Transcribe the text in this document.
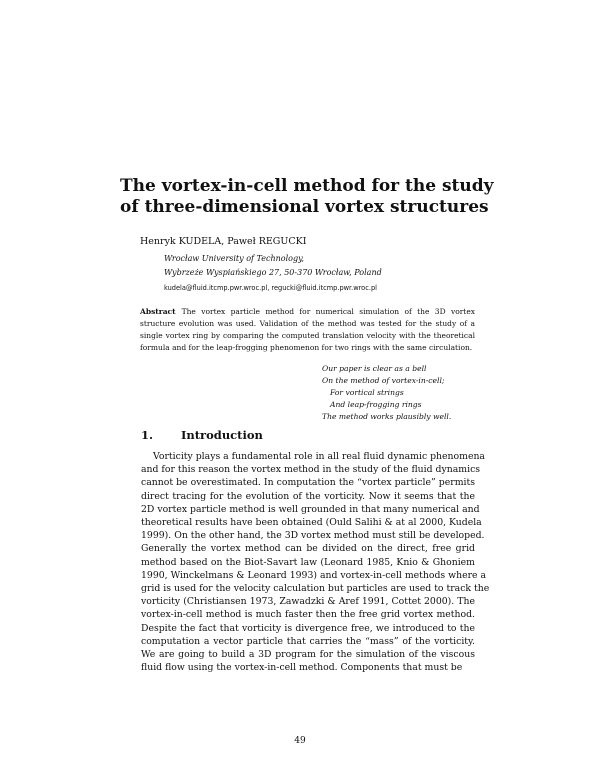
The vortex-in-cell method for the study
of three-dimensional vortex structures
Henryk KUDELA, Paweł REGUCKI
Wrocław University of Technology,
Wybrzeże Wyspiańskiego 27, 50-370 Wrocław, Poland
kudela@fluid.itcmp.pwr.wroc.pl, regucki@fluid.itcmp.pwr.wroc.pl
Abstract The vortex particle method for numerical simulation of the 3D vortex
structure evolution was used. Validation of the method was tested for the study of a
single vortex ring by comparing the computed translation velocity with the theoretical
formula and for the leap-frogging phenomenon for two rings with the same circulation.
Our paper is clear as a bell
On the method of vortex-in-cell;
For vortical strings
And leap-frogging rings
The method works plausibly well.
1. Introduction
Vorticity plays a fundamental role in all real fluid dynamic phenomena
and for this reason the vortex method in the study of the fluid dynamics
cannot be overestimated. In computation the “vortex particle” permits
direct tracing for the evolution of the vorticity. Now it seems that the
2D vortex particle method is well grounded in that many numerical and
theoretical results have been obtained (Ould Salihi & at al 2000, Kudela
1999). On the other hand, the 3D vortex method must still be developed.
Generally the vortex method can be divided on the direct, free grid
method based on the Biot-Savart law (Leonard 1985, Knio & Ghoniem
1990, Winckelmans & Leonard 1993) and vortex-in-cell methods where a
grid is used for the velocity calculation but particles are used to track the
vorticity (Christiansen 1973, Zawadzki & Aref 1991, Cottet 2000). The
vortex-in-cell method is much faster then the free grid vortex method.
Despite the fact that vorticity is divergence free, we introduced to the
computation a vector particle that carries the “mass” of the vorticity.
We are going to build a 3D program for the simulation of the viscous
fluid flow using the vortex-in-cell method. Components that must be
49
